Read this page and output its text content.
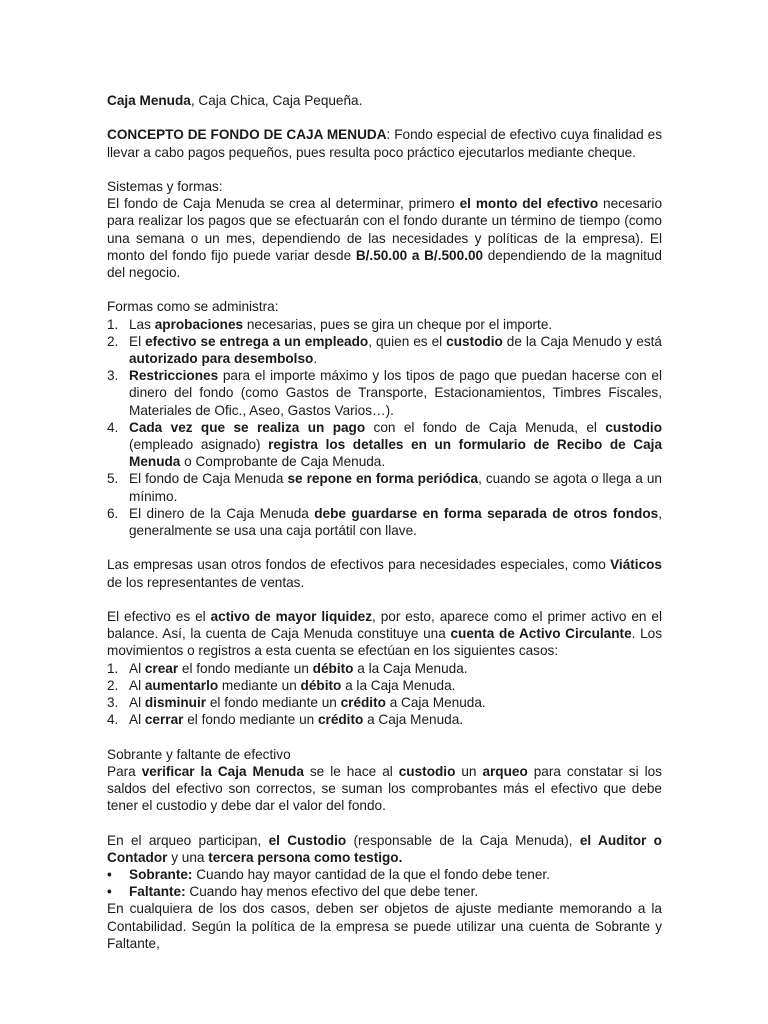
Caja Menuda, Caja Chica, Caja Pequeña.

CONCEPTO DE FONDO DE CAJA MENUDA: Fondo especial de efectivo cuya finalidad es llevar a cabo pagos pequeños, pues resulta poco práctico ejecutarlos mediante cheque.

Sistemas y formas:

El fondo de Caja Menuda se crea al determinar, primero el monto del efectivo necesario para realizar los pagos que se efectuarán con el fondo durante un término de tiempo (como una semana o un mes, dependiendo de las necesidades y políticas de la empresa). El monto del fondo fijo puede variar desde B/.50.00 a B/.500.00 dependiendo de la magnitud del negocio.

Formas como se administra:

1. Las aprobaciones necesarias, pues se gira un cheque por el importe.
2. El efectivo se entrega a un empleado, quien es el custodio de la Caja Menudo y está autorizado para desembolso.
3. Restricciones para el importe máximo y los tipos de pago que puedan hacerse con el dinero del fondo (como Gastos de Transporte, Estacionamientos, Timbres Fiscales, Materiales de Ofic., Aseo, Gastos Varios…).
4. Cada vez que se realiza un pago con el fondo de Caja Menuda, el custodio (empleado asignado) registra los detalles en un formulario de Recibo de Caja Menuda o Comprobante de Caja Menuda.
5. El fondo de Caja Menuda se repone en forma periódica, cuando se agota o llega a un mínimo.
6. El dinero de la Caja Menuda debe guardarse en forma separada de otros fondos, generalmente se usa una caja portátil con llave.

Las empresas usan otros fondos de efectivos para necesidades especiales, como Viáticos de los representantes de ventas.

El efectivo es el activo de mayor liquidez, por esto, aparece como el primer activo en el balance. Así, la cuenta de Caja Menuda constituye una cuenta de Activo Circulante. Los movimientos o registros a esta cuenta se efectúan en los siguientes casos:

1. Al crear el fondo mediante un débito a la Caja Menuda.
2. Al aumentarlo mediante un débito a la Caja Menuda.
3. Al disminuir el fondo mediante un crédito a Caja Menuda.
4. Al cerrar el fondo mediante un crédito a Caja Menuda.

Sobrante y faltante de efectivo

Para verificar la Caja Menuda se le hace al custodio un arqueo para constatar si los saldos del efectivo son correctos, se suman los comprobantes más el efectivo que debe tener el custodio y debe dar el valor del fondo.

En el arqueo participan, el Custodio (responsable de la Caja Menuda), el Auditor o Contador y una tercera persona como testigo.

• Sobrante: Cuando hay mayor cantidad de la que el fondo debe tener.
• Faltante: Cuando hay menos efectivo del que debe tener.

En cualquiera de los dos casos, deben ser objetos de ajuste mediante memorando a la Contabilidad. Según la política de la empresa se puede utilizar una cuenta de Sobrante y Faltante,
